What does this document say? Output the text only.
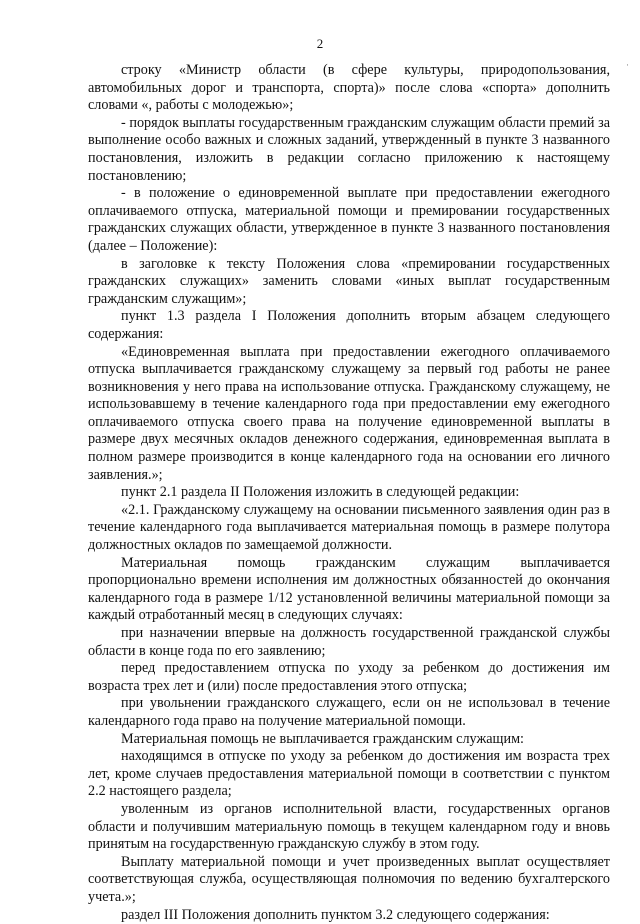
2
·

строку «Министр области (в сфере культуры, природопользования, автомобильных дорог и транспорта, спорта)» после слова «спорта» дополнить словами «, работы с молодежью»;

- порядок выплаты государственным гражданским служащим области премий за выполнение особо важных и сложных заданий, утвержденный в пункте 3 названного постановления, изложить в редакции согласно приложению к настоящему постановлению;

- в положение о единовременной выплате при предоставлении ежегодного оплачиваемого отпуска, материальной помощи и премировании государственных гражданских служащих области, утвержденное в пункте 3 названного постановления (далее – Положение):

в заголовке к тексту Положения слова «премировании государственных гражданских служащих» заменить словами «иных выплат государственным гражданским служащим»;

пункт 1.3 раздела I Положения дополнить вторым абзацем следующего содержания:

«Единовременная выплата при предоставлении ежегодного оплачиваемого отпуска выплачивается гражданскому служащему за первый год работы не ранее возникновения у него права на использование отпуска. Гражданскому служащему, не использовавшему в течение календарного года при предоставлении ему ежегодного оплачиваемого отпуска своего права на получение единовременной выплаты в размере двух месячных окладов денежного содержания, единовременная выплата в полном размере производится в конце календарного года на основании его личного заявления.»;

пункт 2.1 раздела II Положения изложить в следующей редакции:

«2.1. Гражданскому служащему на основании письменного заявления один раз в течение календарного года выплачивается материальная помощь в размере полутора должностных окладов по замещаемой должности.

Материальная помощь гражданским служащим выплачивается пропорционально времени исполнения им должностных обязанностей до окончания календарного года в размере 1/12 установленной величины материальной помощи за каждый отработанный месяц в следующих случаях:

при назначении впервые на должность государственной гражданской службы области в конце года по его заявлению;

перед предоставлением отпуска по уходу за ребенком до достижения им возраста трех лет и (или) после предоставления этого отпуска;

при увольнении гражданского служащего, если он не использовал в течение календарного года право на получение материальной помощи.

Материальная помощь не выплачивается гражданским служащим:

находящимся в отпуске по уходу за ребенком до достижения им возраста трех лет, кроме случаев предоставления материальной помощи в соответствии с пунктом 2.2 настоящего раздела;

уволенным из органов исполнительной власти, государственных органов области и получившим материальную помощь в текущем календарном году и вновь принятым на государственную гражданскую службу в этом году.

Выплату материальной помощи и учет произведенных выплат осуществляет соответствующая служба, осуществляющая полномочия по ведению бухгалтерского учета.»;

раздел III Положения дополнить пунктом 3.2 следующего содержания:
